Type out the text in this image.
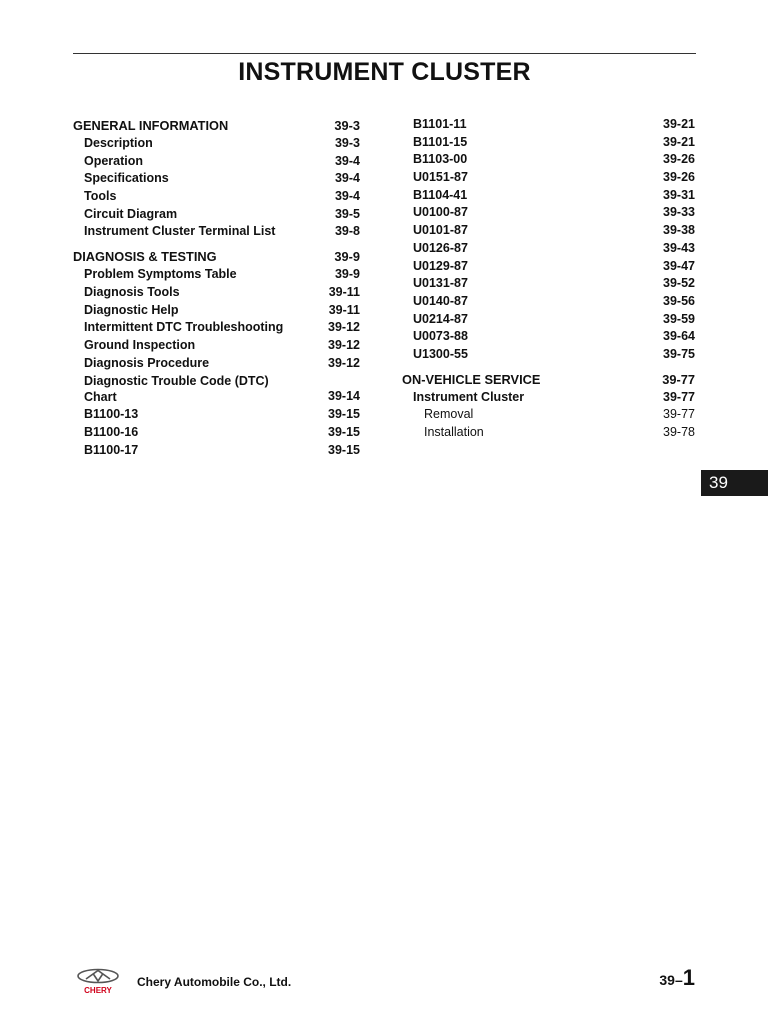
INSTRUMENT CLUSTER
GENERAL INFORMATION	39-3
Description	39-3
Operation	39-4
Specifications	39-4
Tools	39-4
Circuit Diagram	39-5
Instrument Cluster Terminal List	39-8
DIAGNOSIS & TESTING	39-9
Problem Symptoms Table	39-9
Diagnosis Tools	39-11
Diagnostic Help	39-11
Intermittent DTC Troubleshooting	39-12
Ground Inspection	39-12
Diagnosis Procedure	39-12
Diagnostic Trouble Code (DTC)
Chart	39-14
B1100-13	39-15
B1100-16	39-15
B1100-17	39-15
B1101-11	39-21
B1101-15	39-21
B1103-00	39-26
U0151-87	39-26
B1104-41	39-31
U0100-87	39-33
U0101-87	39-38
U0126-87	39-43
U0129-87	39-47
U0131-87	39-52
U0140-87	39-56
U0214-87	39-59
U0073-88	39-64
U1300-55	39-75
ON-VEHICLE SERVICE	39-77
Instrument Cluster	39-77
Removal	39-77
Installation	39-78
39
CHERY
Chery Automobile Co., Ltd.	39–1
